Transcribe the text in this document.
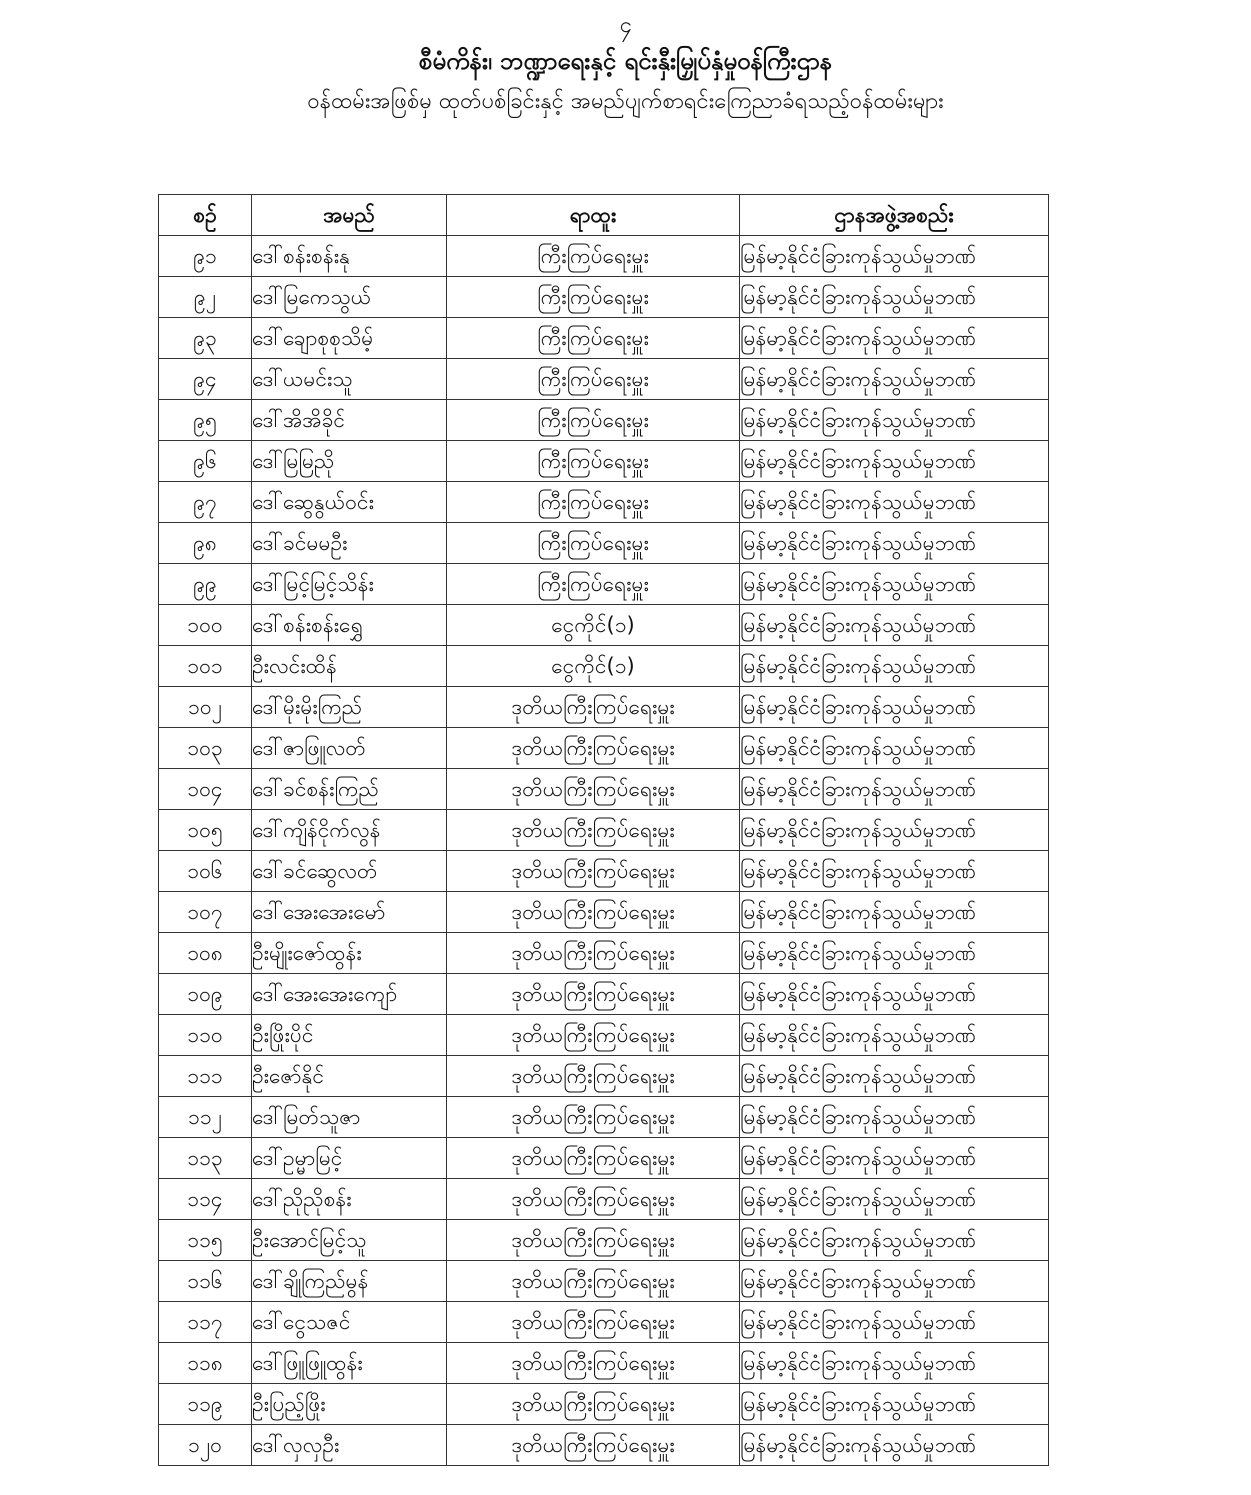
၄
စီမံကိန်း၊ ဘဏ္ဍာရေးနှင့် ရင်းနှီးမြှုပ်နှံမှုဝန်ကြီးဌာန
ဝန်ထမ်းအဖြစ်မှ ထုတ်ပစ်ခြင်းနှင့် အမည်ပျက်စာရင်းကြေညာခံရသည့်ဝန်ထမ်းများ
စဉ်	အမည်	ရာထူး	ဌာနအဖွဲ့အစည်း
၉၁	ဒေါ်စန်းစန်းနု	ကြီးကြပ်ရေးမှူး	မြန်မာ့နိုင်ငံခြားကုန်သွယ်မှုဘဏ်
၉၂	ဒေါ်မြကေသွယ်	ကြီးကြပ်ရေးမှူး	မြန်မာ့နိုင်ငံခြားကုန်သွယ်မှုဘဏ်
၉၃	ဒေါ်ချောစုစုသိမ့်	ကြီးကြပ်ရေးမှူး	မြန်မာ့နိုင်ငံခြားကုန်သွယ်မှုဘဏ်
၉၄	ဒေါ်ယမင်းသူ	ကြီးကြပ်ရေးမှူး	မြန်မာ့နိုင်ငံခြားကုန်သွယ်မှုဘဏ်
၉၅	ဒေါ်အိအိခိုင်	ကြီးကြပ်ရေးမှူး	မြန်မာ့နိုင်ငံခြားကုန်သွယ်မှုဘဏ်
၉၆	ဒေါ်မြမြညို	ကြီးကြပ်ရေးမှူး	မြန်မာ့နိုင်ငံခြားကုန်သွယ်မှုဘဏ်
၉၇	ဒေါ်ဆွေနွယ်ဝင်း	ကြီးကြပ်ရေးမှူး	မြန်မာ့နိုင်ငံခြားကုန်သွယ်မှုဘဏ်
၉၈	ဒေါ်ခင်မမဦး	ကြီးကြပ်ရေးမှူး	မြန်မာ့နိုင်ငံခြားကုန်သွယ်မှုဘဏ်
၉၉	ဒေါ်မြင့်မြင့်သိန်း	ကြီးကြပ်ရေးမှူး	မြန်မာ့နိုင်ငံခြားကုန်သွယ်မှုဘဏ်
၁၀၀	ဒေါ်စန်းစန်းရွှေ	ငွေကိုင်(၁)	မြန်မာ့နိုင်ငံခြားကုန်သွယ်မှုဘဏ်
၁၀၁	ဦးလင်းထိန်	ငွေကိုင်(၁)	မြန်မာ့နိုင်ငံခြားကုန်သွယ်မှုဘဏ်
၁၀၂	ဒေါ်မိုးမိုးကြည်	ဒုတိယကြီးကြပ်ရေးမှူး	မြန်မာ့နိုင်ငံခြားကုန်သွယ်မှုဘဏ်
၁၀၃	ဒေါ်ဇာဖြူလတ်	ဒုတိယကြီးကြပ်ရေးမှူး	မြန်မာ့နိုင်ငံခြားကုန်သွယ်မှုဘဏ်
၁၀၄	ဒေါ်ခင်စန်းကြည်	ဒုတိယကြီးကြပ်ရေးမှူး	မြန်မာ့နိုင်ငံခြားကုန်သွယ်မှုဘဏ်
၁၀၅	ဒေါ်ကျိန်ငိုက်လွန်	ဒုတိယကြီးကြပ်ရေးမှူး	မြန်မာ့နိုင်ငံခြားကုန်သွယ်မှုဘဏ်
၁၀၆	ဒေါ်ခင်ဆွေလတ်	ဒုတိယကြီးကြပ်ရေးမှူး	မြန်မာ့နိုင်ငံခြားကုန်သွယ်မှုဘဏ်
၁၀၇	ဒေါ်အေးအေးမော်	ဒုတိယကြီးကြပ်ရေးမှူး	မြန်မာ့နိုင်ငံခြားကုန်သွယ်မှုဘဏ်
၁၀၈	ဦးမျိုးဇော်ထွန်း	ဒုတိယကြီးကြပ်ရေးမှူး	မြန်မာ့နိုင်ငံခြားကုန်သွယ်မှုဘဏ်
၁၀၉	ဒေါ်အေးအေးကျော်	ဒုတိယကြီးကြပ်ရေးမှူး	မြန်မာ့နိုင်ငံခြားကုန်သွယ်မှုဘဏ်
၁၁၀	ဦးဖြိုးပိုင်	ဒုတိယကြီးကြပ်ရေးမှူး	မြန်မာ့နိုင်ငံခြားကုန်သွယ်မှုဘဏ်
၁၁၁	ဦးဇော်နိုင်	ဒုတိယကြီးကြပ်ရေးမှူး	မြန်မာ့နိုင်ငံခြားကုန်သွယ်မှုဘဏ်
၁၁၂	ဒေါ်မြတ်သူဇာ	ဒုတိယကြီးကြပ်ရေးမှူး	မြန်မာ့နိုင်ငံခြားကုန်သွယ်မှုဘဏ်
၁၁၃	ဒေါ်ဥမ္မာမြင့်	ဒုတိယကြီးကြပ်ရေးမှူး	မြန်မာ့နိုင်ငံခြားကုန်သွယ်မှုဘဏ်
၁၁၄	ဒေါ်ညိုညိုစန်း	ဒုတိယကြီးကြပ်ရေးမှူး	မြန်မာ့နိုင်ငံခြားကုန်သွယ်မှုဘဏ်
၁၁၅	ဦးအောင်မြင့်သူ	ဒုတိယကြီးကြပ်ရေးမှူး	မြန်မာ့နိုင်ငံခြားကုန်သွယ်မှုဘဏ်
၁၁၆	ဒေါ်ချိုကြည်မွန်	ဒုတိယကြီးကြပ်ရေးမှူး	မြန်မာ့နိုင်ငံခြားကုန်သွယ်မှုဘဏ်
၁၁၇	ဒေါ်ငွေသဇင်	ဒုတိယကြီးကြပ်ရေးမှူး	မြန်မာ့နိုင်ငံခြားကုန်သွယ်မှုဘဏ်
၁၁၈	ဒေါ်ဖြူဖြူထွန်း	ဒုတိယကြီးကြပ်ရေးမှူး	မြန်မာ့နိုင်ငံခြားကုန်သွယ်မှုဘဏ်
၁၁၉	ဦးပြည့်ဖြိုး	ဒုတိယကြီးကြပ်ရေးမှူး	မြန်မာ့နိုင်ငံခြားကုန်သွယ်မှုဘဏ်
၁၂၀	ဒေါ်လှလှဦး	ဒုတိယကြီးကြပ်ရေးမှူး	မြန်မာ့နိုင်ငံခြားကုန်သွယ်မှုဘဏ်
